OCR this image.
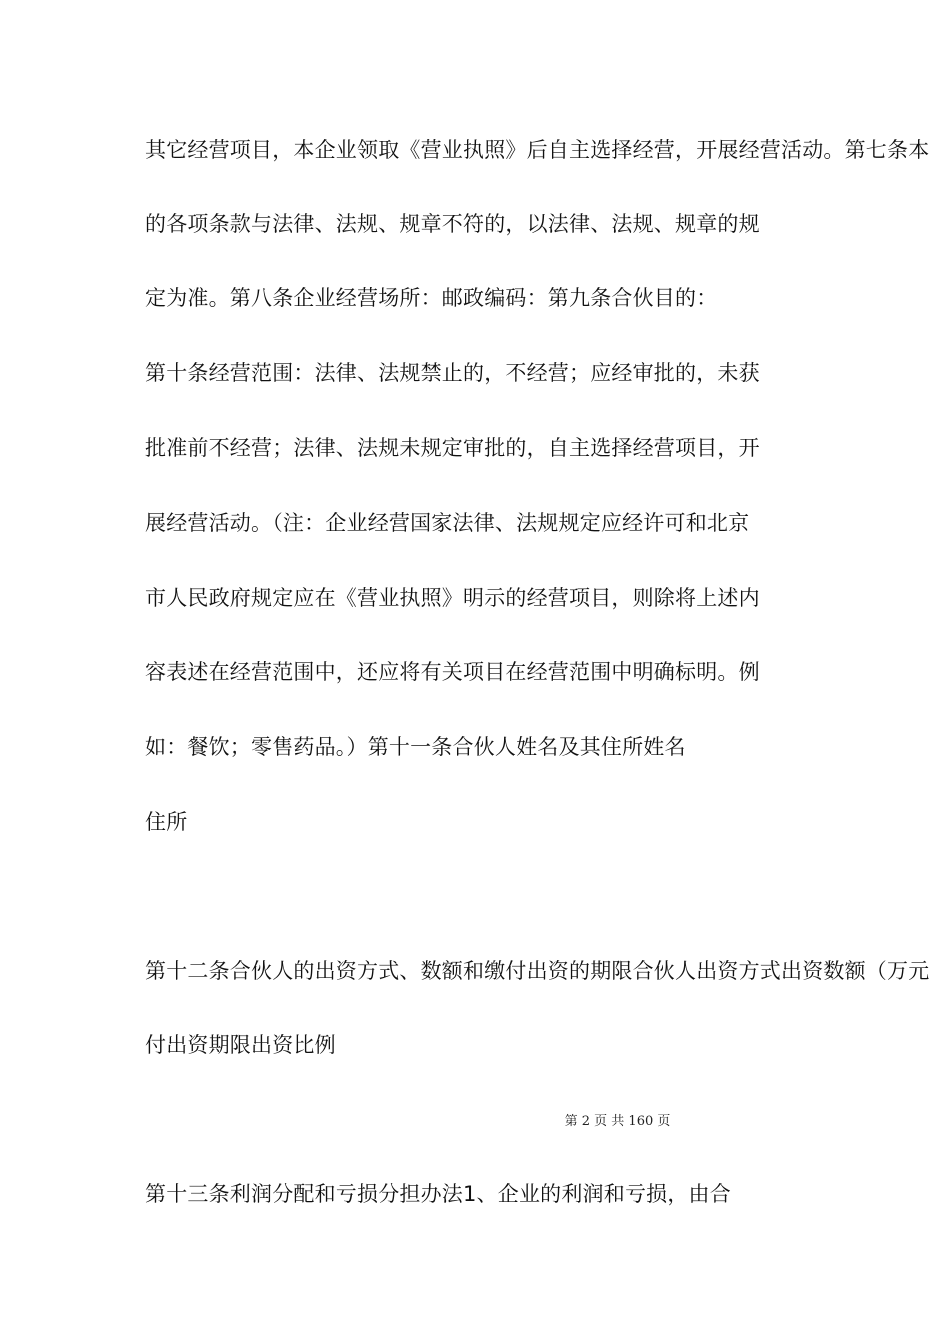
其它经营项目，本企业领取《营业执照》后自主选择经营，开展经营活动。第七条本
的各项条款与法律、法规、规章不符的，以法律、法规、规章的规
定为准。第八条企业经营场所：邮政编码：第九条合伙目的：
第十条经营范围：法律、法规禁止的，不经营；应经审批的，未获
批准前不经营；法律、法规未规定审批的，自主选择经营项目，开
展经营活动。（注：企业经营国家法律、法规规定应经许可和北京
市人民政府规定应在《营业执照》明示的经营项目，则除将上述内
容表述在经营范围中，还应将有关项目在经营范围中明确标明。例
如：餐饮；零售药品。）第十一条合伙人姓名及其住所姓名
住所
第十二条合伙人的出资方式、数额和缴付出资的期限合伙人出资方式出资数额（万元
付出资期限出资比例
第 2 页 共 160 页
第十三条利润分配和亏损分担办法1、企业的利润和亏损，由合
